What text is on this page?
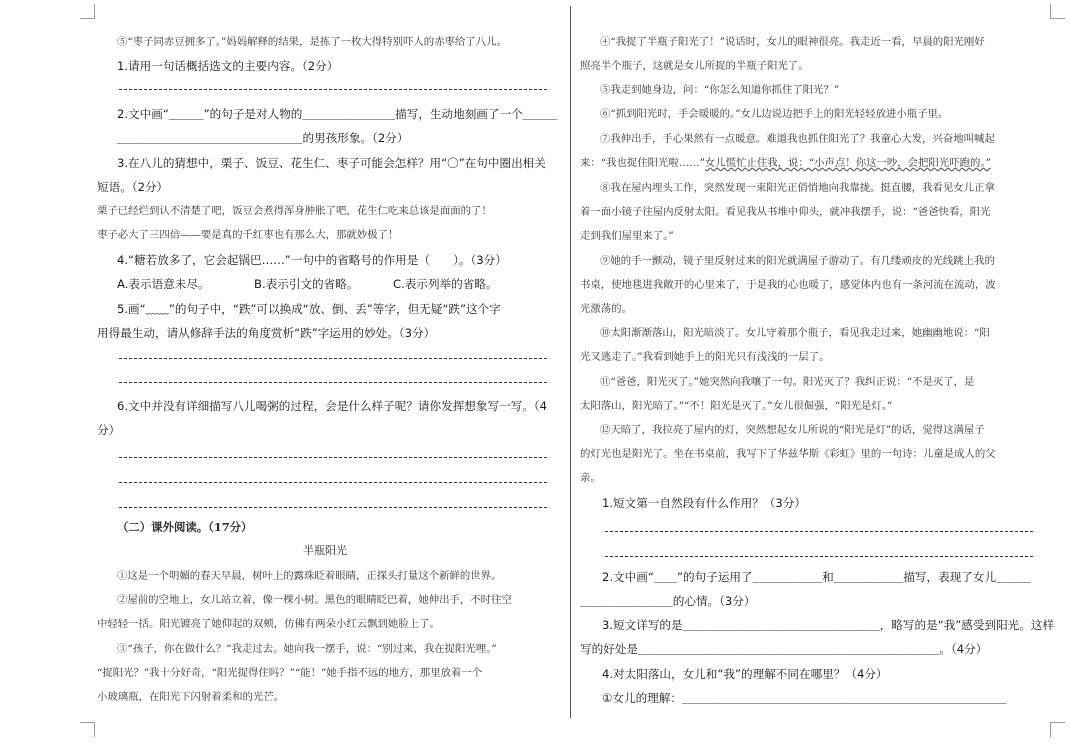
⑤“枣子同赤豆拥多了。”妈妈解释的结果，是拣了一枚大得特别吓人的赤枣给了八儿。
1.请用一句话概括选文的主要内容。（2分）
2.文中画“＿＿＿”的句子是对人物的＿＿＿＿＿＿＿＿描写，生动地刻画了一个＿＿＿
＿＿＿＿＿＿＿＿＿＿＿＿＿＿＿＿的男孩形象。（2分）
3.在八儿的猜想中，栗子、饭豆、花生仁、枣子可能会怎样？用“〇”在句中圈出相关
短语。（2分）
栗子已经烂到认不清楚了吧，饭豆会煮得浑身肿胀了吧，花生仁吃来总该是面面的了！
枣子必大了三四倍——要是真的千红枣也有那么大，那就妙极了！
4.“糖若放多了，它会起锅巴……”一句中的省略号的作用是（　　）。（3分）
A.表示语意未尽。	B.表示引文的省略。	C.表示列举的省略。
5.画“﹏﹏”的句子中，“跌”可以换成“放、倒、丢”等字，但无疑“跌”这个字
用得最生动，请从修辞手法的角度赏析“跌”字运用的妙处。（3分）
6.文中并没有详细描写八儿喝粥的过程，会是什么样子呢？请你发挥想象写一写。（4
分）
（二）课外阅读。（17分）
半瓶阳光
①这是一个明媚的春天早晨，树叶上的露珠眨着眼睛，正探头打量这个新鲜的世界。
②屋前的空地上，女儿站立着，像一棵小树。黑色的眼睛眨巴着，她伸出手，不时往空
中轻轻一括。阳光镀亮了她仰起的双颊，仿佛有两朵小红云飘到她脸上了。
③“孩子，你在做什么？”我走过去。她向我一摆手，说：“别过来，我在捉阳光哩。”
“捉阳光？”我十分好奇，“阳光捉得住吗？”“能！”她手指不远的地方，那里放着一个
小玻璃瓶，在阳光下闪射着柔和的光芒。
④“我捉了半瓶子阳光了！”说话时，女儿的眼神很亮。我走近一看，早晨的阳光刚好
照亮半个瓶子，这就是女儿所捉的半瓶子阳光了。
⑤我走到她身边，问：“你怎么知道你抓住了阳光？”
⑥“抓到阳光时，手会暖暖的。”女儿边说边把手上的阳光轻轻放进小瓶子里。
⑦我伸出手，手心果然有一点暖意。难道我也抓住阳光了？我童心大发，兴奋地叫喊起
来：“我也捉住阳光啦……”女儿慌忙止住我，说：“小声点！你这一吵，会把阳光吓跑的。”
⑧我在屋内埋头工作，突然发现一束阳光正俏悄地向我靠拢。挺直腰，我看见女儿正拿
着一面小镜子往屋内反射太阳。看见我从书堆中仰头，就冲我摆手，说：“爸爸快看，阳光
走到我们屋里来了。”
⑨她的手一颤动，镜子里反射过来的阳光就满屋子游动了。有几缕顽皮的光线跳上我的
书桌，使地毯进我敞开的心里来了，于是我的心也暖了，感觉体内也有一条河流在流动，波
光激荡的。
⑩太阳渐渐落山，阳光暗淡了。女儿守着那个瓶子，看见我走过来，她幽幽地说：“阳
光又逃走了。”我看到她手上的阳光只有浅浅的一层了。
⑪“爸爸，阳光灭了。”她突然向我嚷了一句。阳光灭了？我纠正说：“不是灭了，是
太阳落山，阳光暗了。”“不！阳光是灭了。”女儿很倔强，“阳光是灯。”
⑫天暗了，我拉亮了屋内的灯，突然想起女儿所说的“阳光是灯”的话，觉得这满屋子
的灯光也是阳光了。坐在书桌前，我写下了华兹华斯《彩虹》里的一句诗：儿童是成人的父
亲。
1.短文第一自然段有什么作用？（3分）
2.文中画“＿＿”的句子运用了＿＿＿＿＿＿和＿＿＿＿＿＿描写，表现了女儿＿＿＿
＿＿＿＿＿＿＿＿的心情。（3分）
3.短文详写的是＿＿＿＿＿＿＿＿＿＿＿＿＿＿＿＿＿，略写的是“我”感受到阳光。这样
写的好处是＿＿＿＿＿＿＿＿＿＿＿＿＿＿＿＿＿＿＿＿＿＿＿＿＿＿。（4分）
4.对太阳落山，女儿和“我”的理解不同在哪里？（4分）
①女儿的理解：＿＿＿＿＿＿＿＿＿＿＿＿＿＿＿＿＿＿＿＿＿＿＿＿＿＿＿＿
